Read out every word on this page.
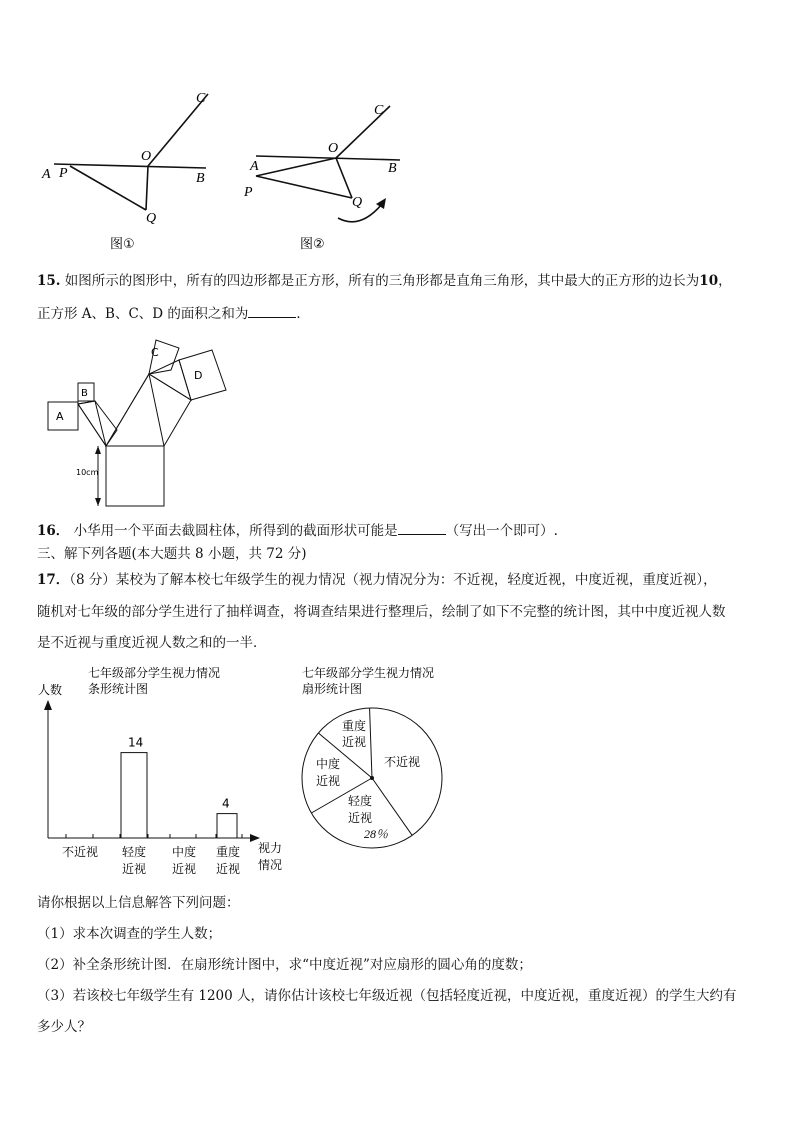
A P
O
B
C
Q
图①
A
P
O
B
C
Q
图②
15. 如图所示的图形中，所有的四边形都是正方形，所有的三角形都是直角三角形，其中最大的正方形的边长为10，
正方形 A、B、C、D 的面积之和为	．
A
B
C
D
10cm
16． 小华用一个平面去截圆柱体，所得到的截面形状可能是	（写出一个即可）.
三、解下列各题(本大题共 8 小题，共 72 分)
17．（8 分）某校为了解本校七年级学生的视力情况（视力情况分为：不近视，轻度近视，中度近视，重度近视），
随机对七年级的部分学生进行了抽样调查，将调查结果进行整理后，绘制了如下不完整的统计图，其中中度近视人数
是不近视与重度近视人数之和的一半．
七年级部分学生视力情况
条形统计图
人数
不近视
14
轻度
近视
中度
近视
4
重度
近视
视力
情况
七年级部分学生视力情况
扇形统计图
重度
近视
中度
近视
不近视
轻度
近视
28％
请你根据以上信息解答下列问题：
（1）求本次调查的学生人数；
（2）补全条形统计图．在扇形统计图中，求“中度近视”对应扇形的圆心角的度数；
（3）若该校七年级学生有 1200 人，请你估计该校七年级近视（包括轻度近视，中度近视，重度近视）的学生大约有
多少人？
